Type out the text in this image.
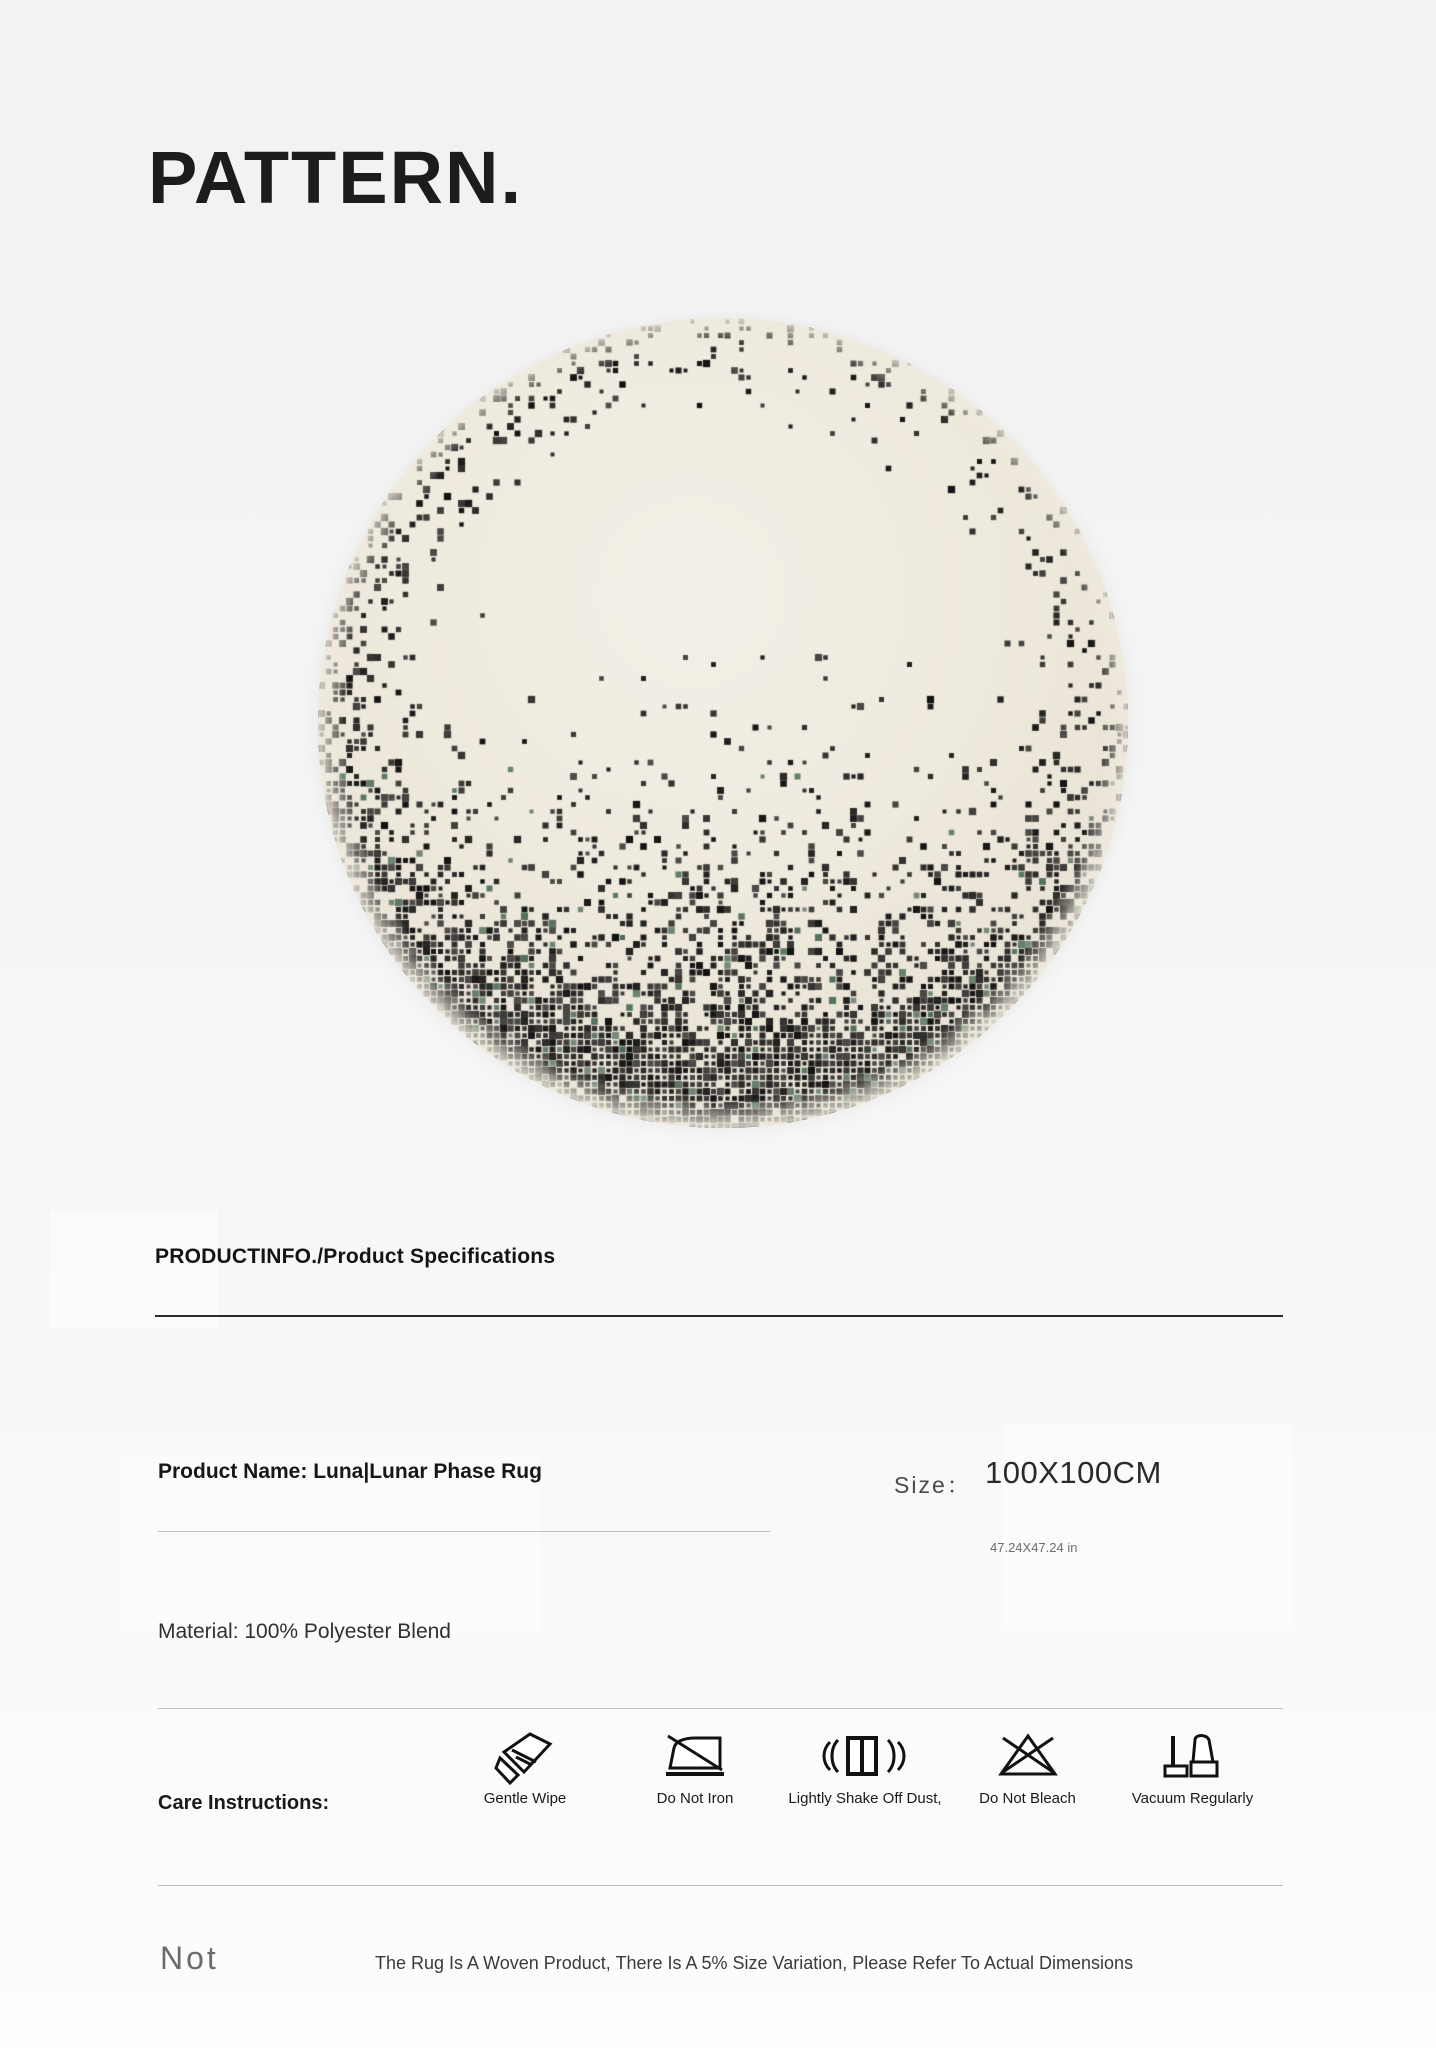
PATTERN.
PRODUCTINFO./Product Specifications
Product Name: Luna|Lunar Phase Rug
Size： 100X100CM
47.24X47.24 in
Material: 100% Polyester Blend
Care Instructions:	Gentle Wipe	Do Not Iron	Lightly Shake Off Dust,	Do Not Bleach	Vacuum Regularly
Not	The Rug Is A Woven Product, There Is A 5% Size Variation, Please Refer To Actual Dimensions
